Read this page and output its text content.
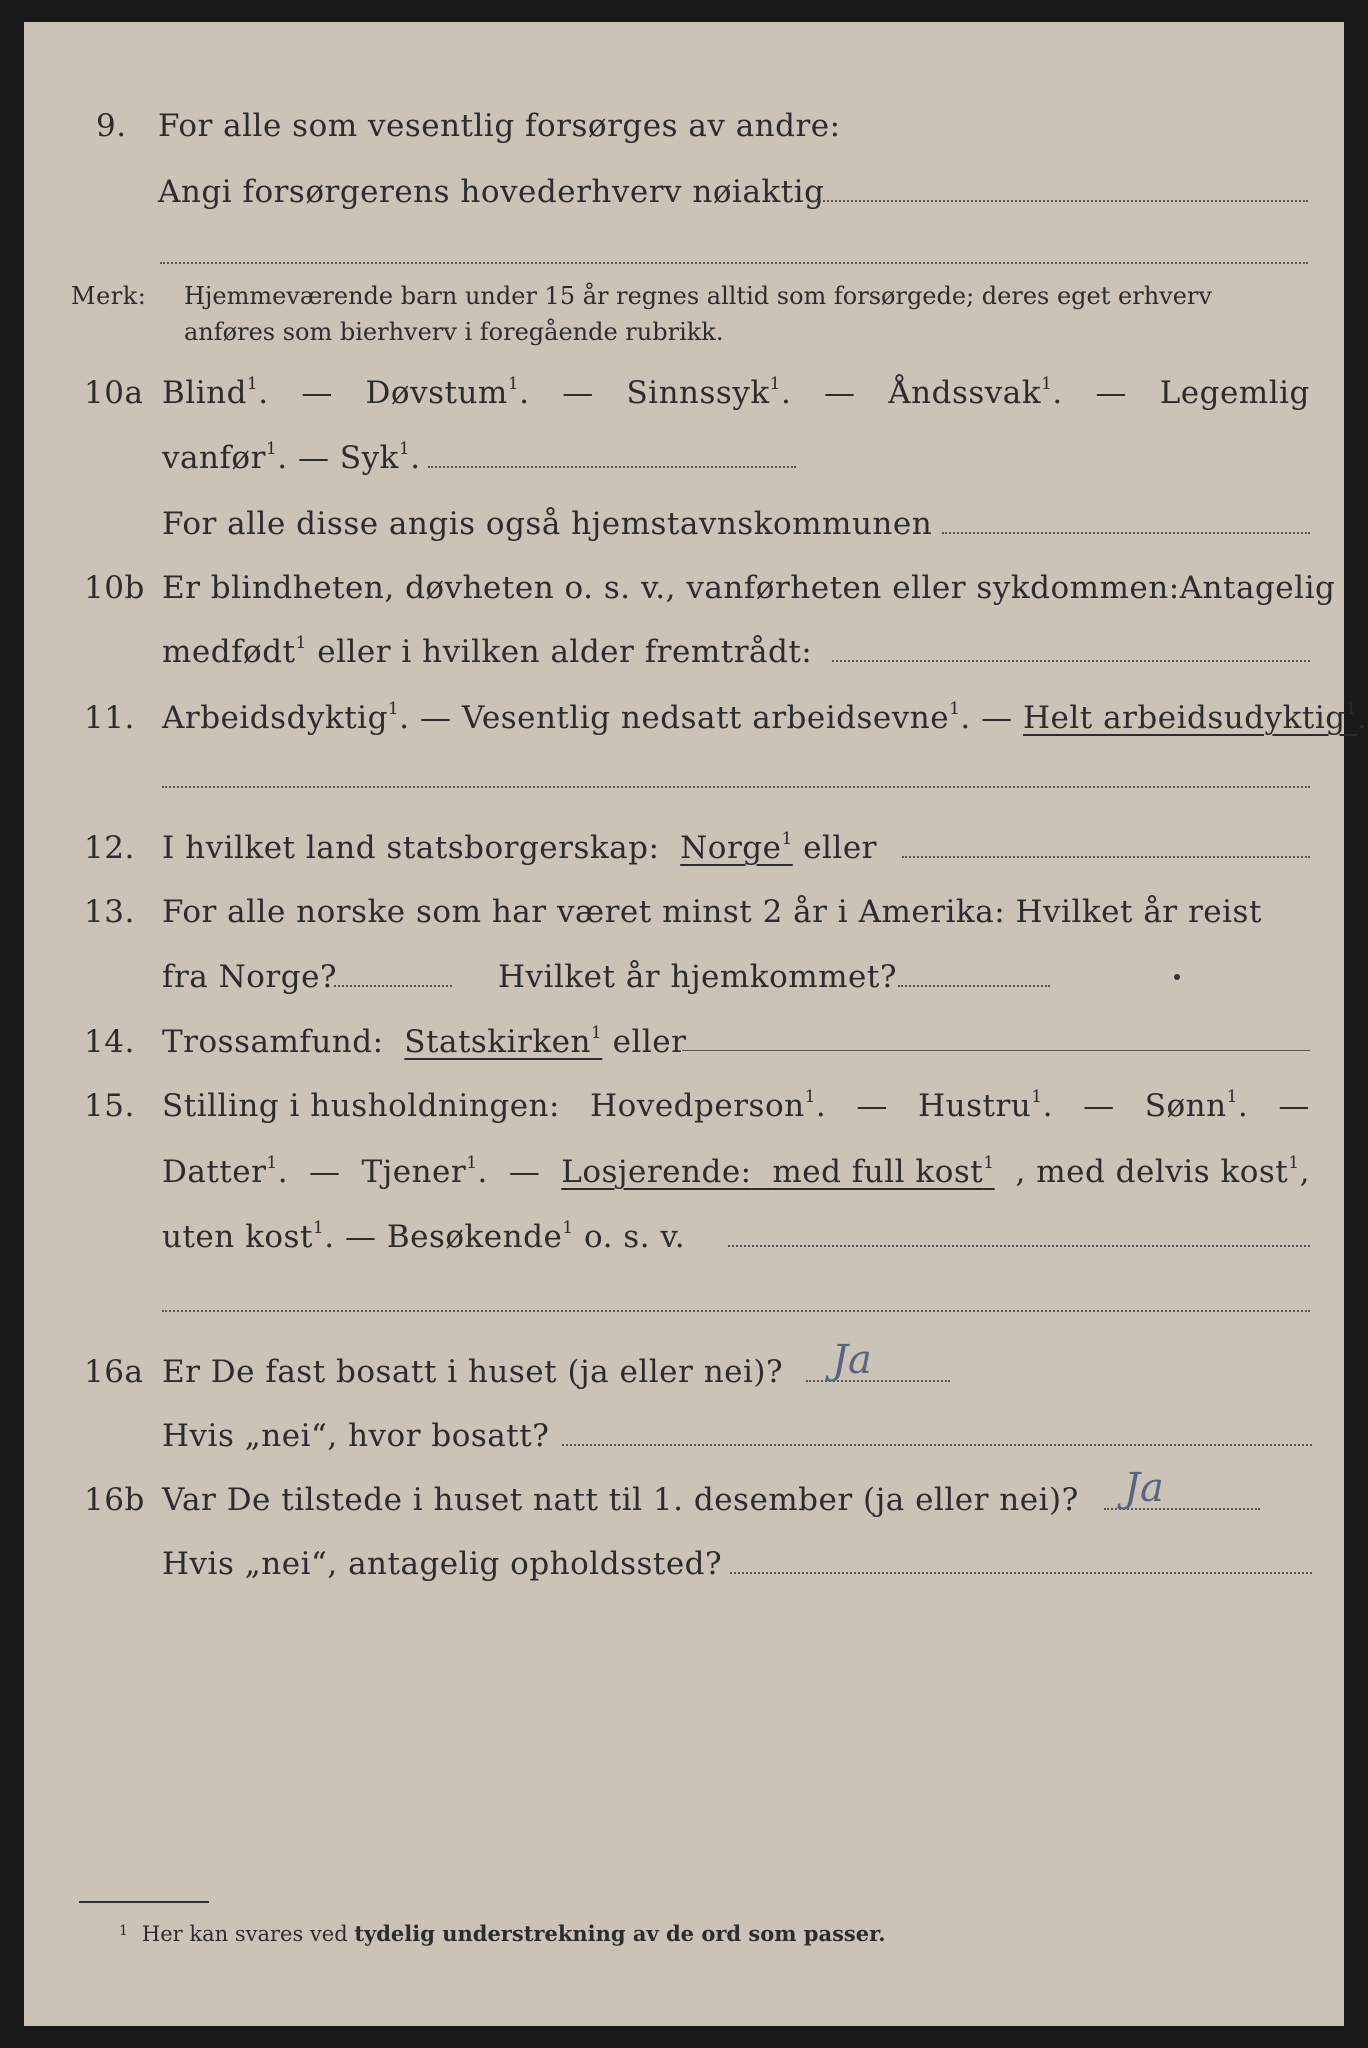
9. For alle som vesentlig forsørges av andre:
Angi forsørgerens hovederhverv nøiaktig
Merk: Hjemmeværende barn under 15 år regnes alltid som forsørgede; deres eget erhverv
anføres som bierhverv i foregående rubrikk.
10a Blind$^1$. — Døvstum$^1$. — Sinnssyk$^1$. — Åndssvak$^1$. — Legemlig
vanfør$^1$. — Syk$^1$.
For alle disse angis også hjemstavnskommunen
10b Er blindheten, døvheten o. s. v., vanførheten eller sykdommen: Antagelig
medfødt$^1$ eller i hvilken alder fremtrådt:
11. Arbeidsdyktig$^1$. — Vesentlig nedsatt arbeidsevne$^1$. — Helt arbeidsudyktig$^1$.
12. I hvilket land statsborgerskap: Norge$^1$ eller
13. For alle norske som har været minst 2 år i Amerika: Hvilket år reist
fra Norge?	Hvilket år hjemkommet?
14. Trossamfund: Statskirken$^1$ eller
15. Stilling i husholdningen: Hovedperson$^1$. — Hustru$^1$. — Sønn$^1$. —
Datter$^1$. — Tjener$^1$. — Losjerende: med full kost$^1$ , med delvis kost$^1$,
uten kost$^1$. — Besøkende$^1$ o. s. v.
16a Er De fast bosatt i huset (ja eller nei)? Ja
Hvis „nei“, hvor bosatt?
16b Var De tilstede i huset natt til 1. desember (ja eller nei)? Ja
Hvis „nei“, antagelig opholdssted?
$^1$ Her kan svares ved tydelig understrekning av de ord som passer.
